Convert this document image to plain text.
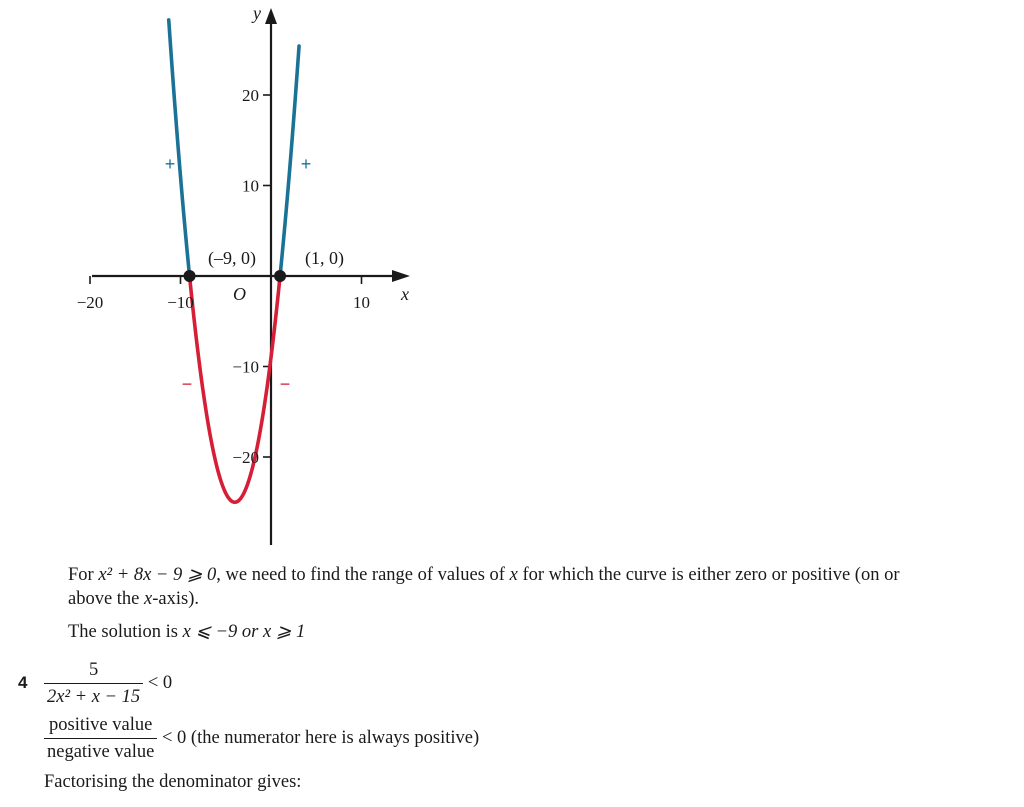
−20	−10	10
−20
−10
10
20
x
y
O
(–9, 0)	(1, 0)
+	+
−	−
For x² + 8x − 9 ⩾ 0, we need to find the range of values of x for which the curve is either zero or positive (on or
above the x-axis).
The solution is x ⩽ −9 or x ⩾ 1
$4 \frac{5}{\text{2x² + x − 15}} < 0$
$\frac{\text{positive value}}{\text{negative value}} < 0$ (the numerator here is always positive)
Factorising the denominator gives:
